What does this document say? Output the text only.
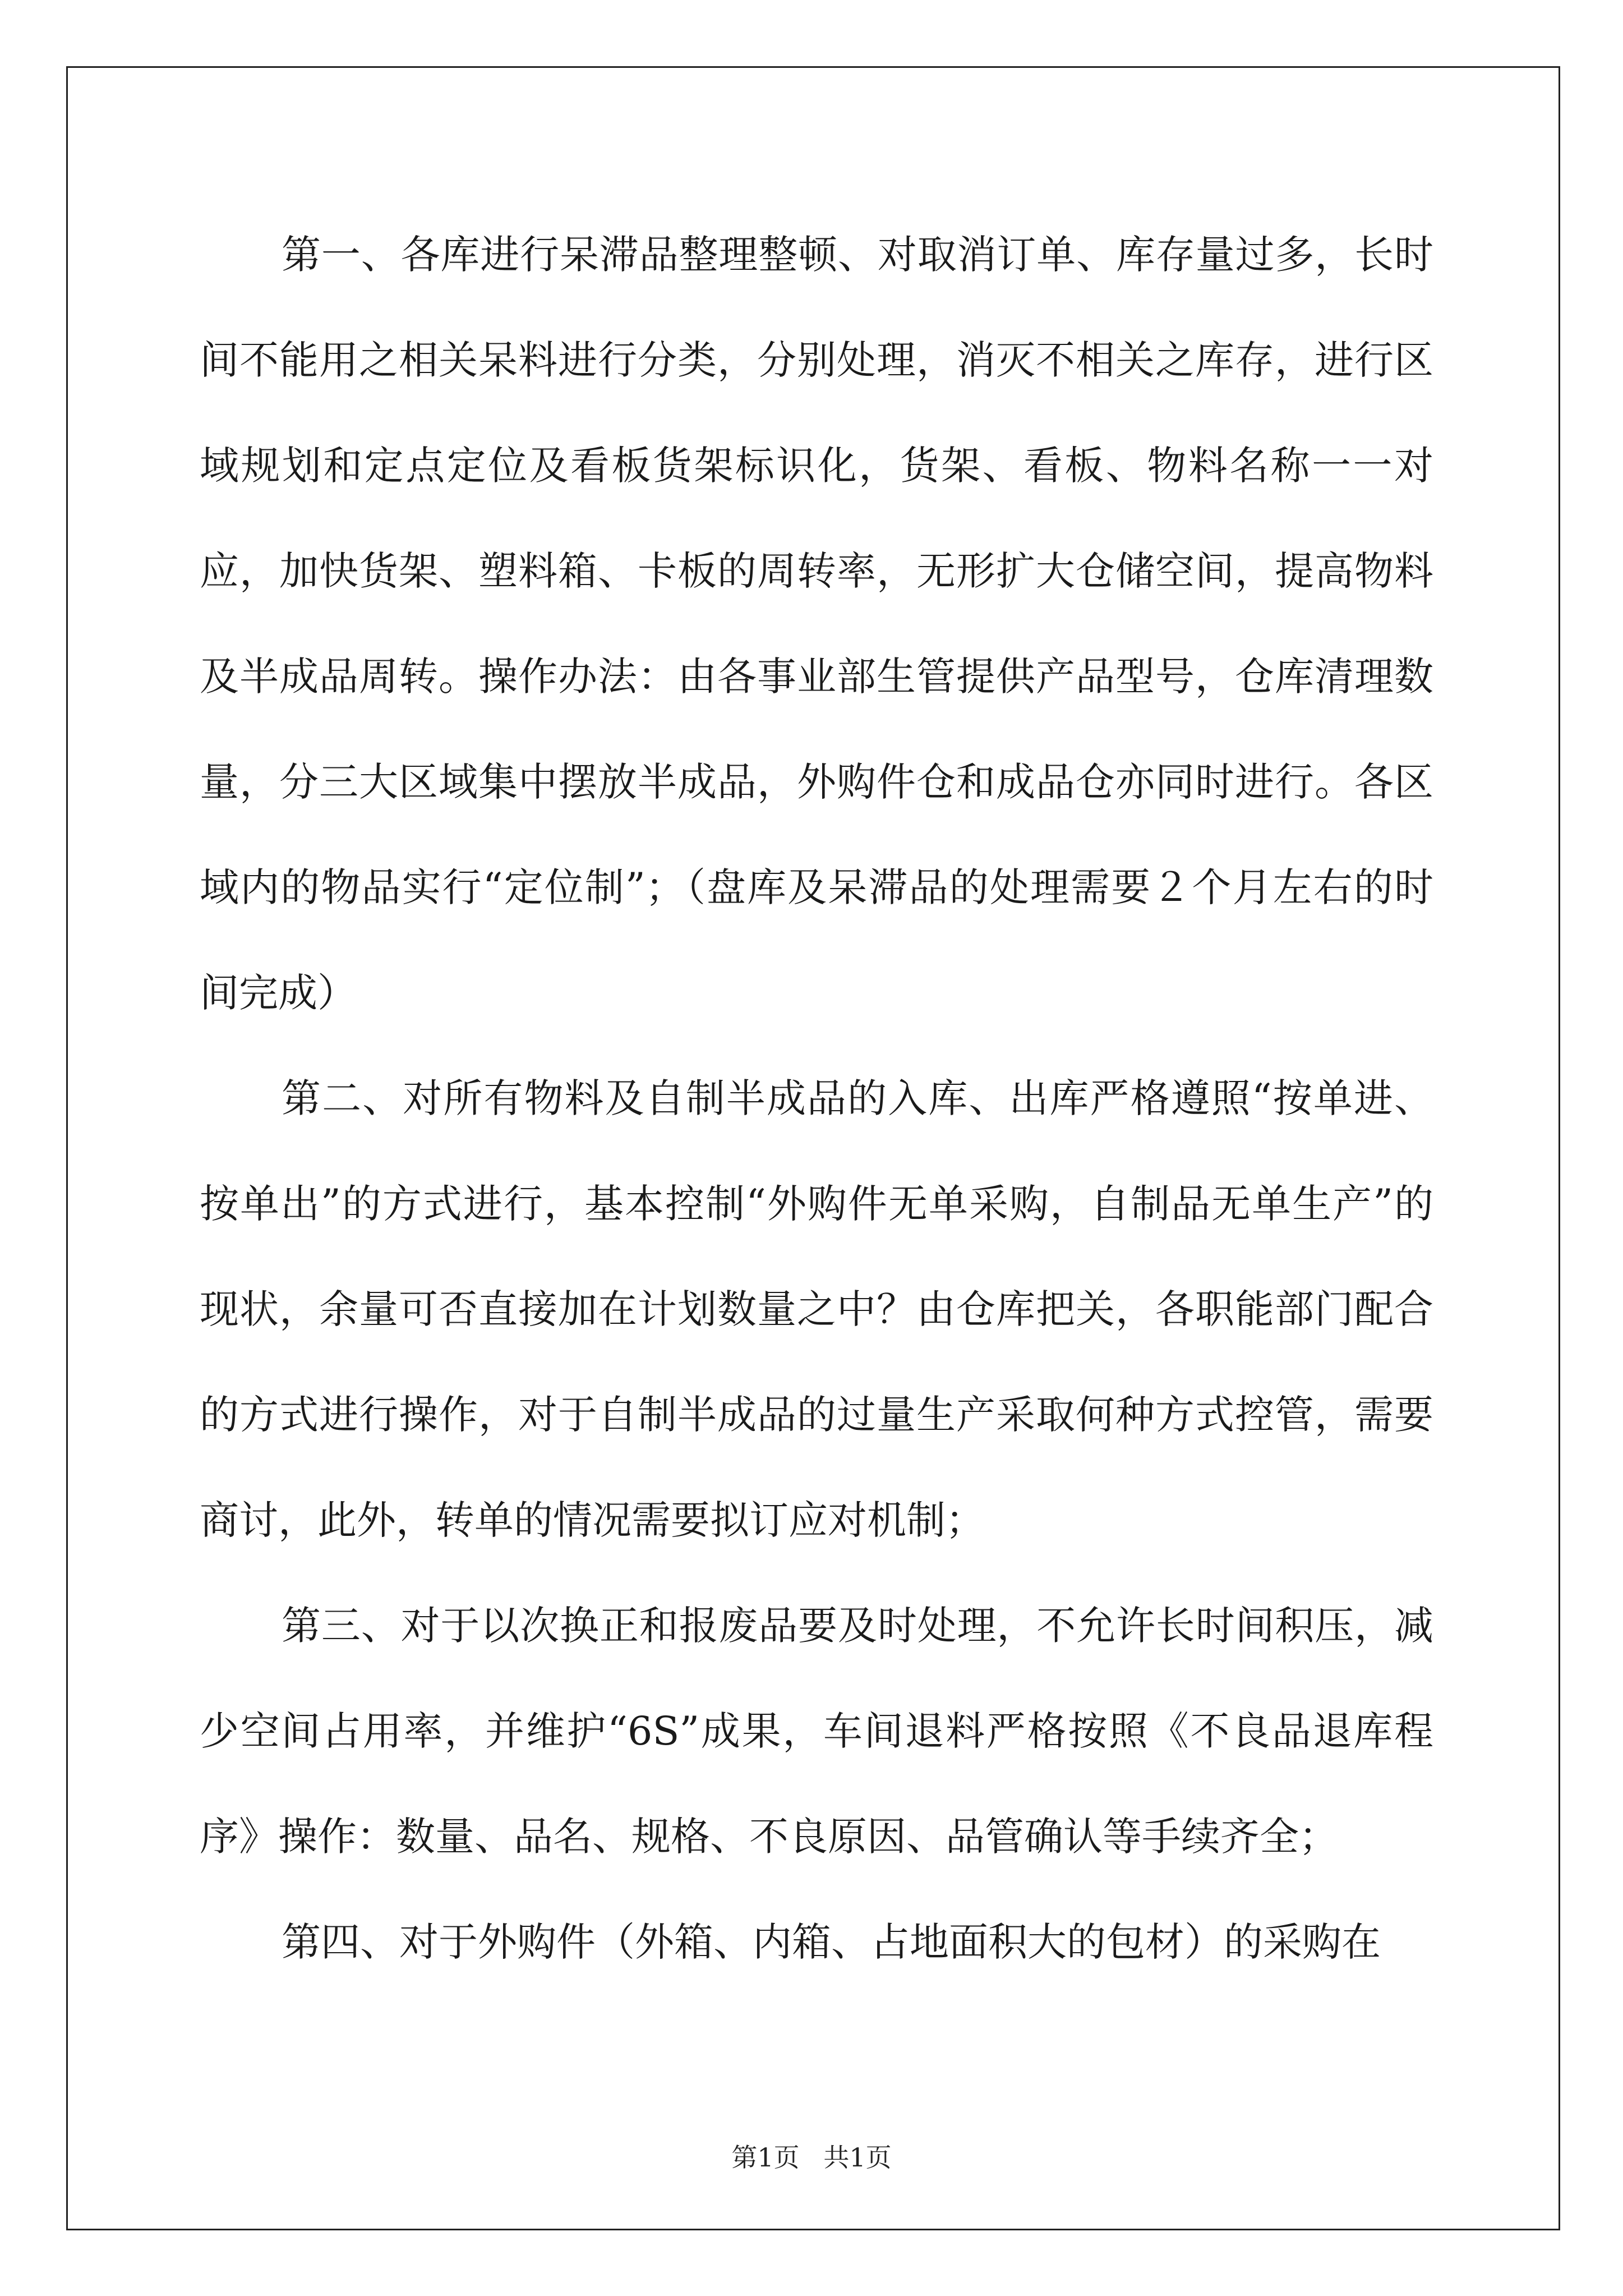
第一、各库进行呆滞品整理整顿、对取消订单、库存量过多，长时间不能用之相关呆料进行分类，分别处理，消灭不相关之库存，进行区域规划和定点定位及看板货架标识化，货架、看板、物料名称一一对应，加快货架、塑料箱、卡板的周转率，无形扩大仓储空间，提高物料及半成品周转。操作办法：由各事业部生管提供产品型号，仓库清理数量，分三大区域集中摆放半成品，外购件仓和成品仓亦同时进行。各区域内的物品实行“定位制”；（盘库及呆滞品的处理需要２个月左右的时间完成）

第二、对所有物料及自制半成品的入库、出库严格遵照“按单进、按单出”的方式进行，基本控制“外购件无单采购，自制品无单生产”的现状，余量可否直接加在计划数量之中？由仓库把关，各职能部门配合的方式进行操作，对于自制半成品的过量生产采取何种方式控管，需要商讨，此外，转单的情况需要拟订应对机制；

第三、对于以次换正和报废品要及时处理，不允许长时间积压，减少空间占用率，并维护“6S”成果，车间退料严格按照《不良品退库程序》操作：数量、品名、规格、不良原因、品管确认等手续齐全；

第四、对于外购件（外箱、内箱、占地面积大的包材）的采购在

第1页 共1页
